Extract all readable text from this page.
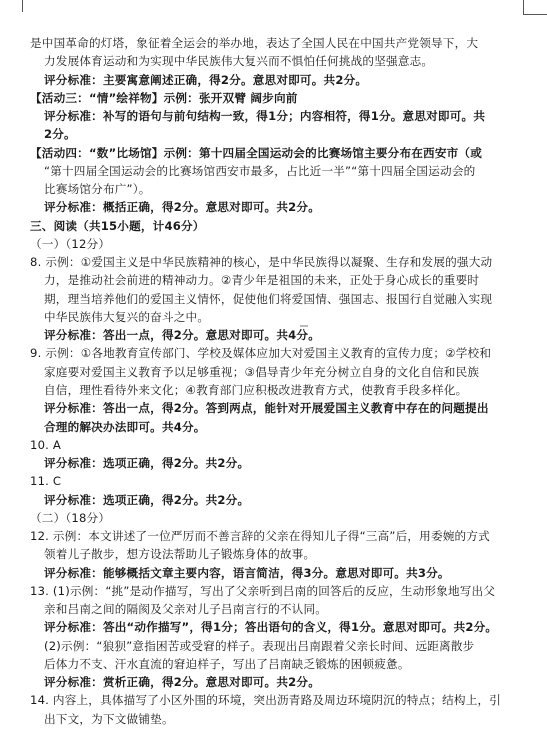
是中国革命的灯塔，象征着全运会的举办地，表达了全国人民在中国共产党领导下，大
力发展体育运动和为实现中华民族伟大复兴而不惧怕任何挑战的坚强意志。
评分标准：主要寓意阐述正确，得2分。意思对即可。共2分。
【活动三：“情”绘祥物】示例：张开双臂 阔步向前
评分标准：补写的语句与前句结构一致，得1分；内容相符，得1分。意思对即可。共
2分。
【活动四：“数”比场馆】示例：第十四届全国运动会的比赛场馆主要分布在西安市（或
“第十四届全国运动会的比赛场馆西安市最多，占比近一半”“第十四届全国运动会的
比赛场馆分布广”）。
评分标准：概括正确，得2分。意思对即可。共2分。
三、阅读（共15小题，计46分）
（一）（12分）
8. 示例：①爱国主义是中华民族精神的核心，是中华民族得以凝聚、生存和发展的强大动
力，是推动社会前进的精神动力。②青少年是祖国的未来，正处于身心成长的重要时
期，理当培养他们的爱国主义情怀，促使他们将爱国情、强国志、报国行自觉融入实现
中华民族伟大复兴的奋斗之中。
评分标准：答出一点，得2分。意思对即可。共4分。
9. 示例：①各地教育宣传部门、学校及媒体应加大对爱国主义教育的宣传力度；②学校和
家庭要对爱国主义教育予以足够重视；③倡导青少年充分树立自身的文化自信和民族
自信，理性看待外来文化；④教育部门应积极改进教育方式，使教育手段多样化。
评分标准：答出一点，得2分。答到两点，能针对开展爱国主义教育中存在的问题提出
合理的解决办法即可。共4分。
10. A
评分标准：选项正确，得2分。共2分。
11. C
评分标准：选项正确，得2分。共2分。
（二）（18分）
12. 示例：本文讲述了一位严厉而不善言辞的父亲在得知儿子得“三高”后，用委婉的方式
领着儿子散步，想方设法帮助儿子锻炼身体的故事。
评分标准：能够概括文章主要内容，语言简洁，得3分。意思对即可。共3分。
13. (1)示例：“挑”是动作描写，写出了父亲听到吕南的回答后的反应，生动形象地写出父
亲和吕南之间的隔阂及父亲对儿子吕南言行的不认同。
评分标准：答出“动作描写”，得1分；答出语句的含义，得1分。意思对即可。共2分。
(2)示例：“狼狈”意指困苦或受窘的样子。表现出吕南跟着父亲长时间、远距离散步
后体力不支、汗水直流的窘迫样子，写出了吕南缺乏锻炼的困顿疲惫。
评分标准：赏析正确，得2分。意思对即可。共2分。
14. 内容上，具体描写了小区外围的环境，突出沥青路及周边环境阴沉的特点；结构上，引
出下文，为下文做铺垫。
